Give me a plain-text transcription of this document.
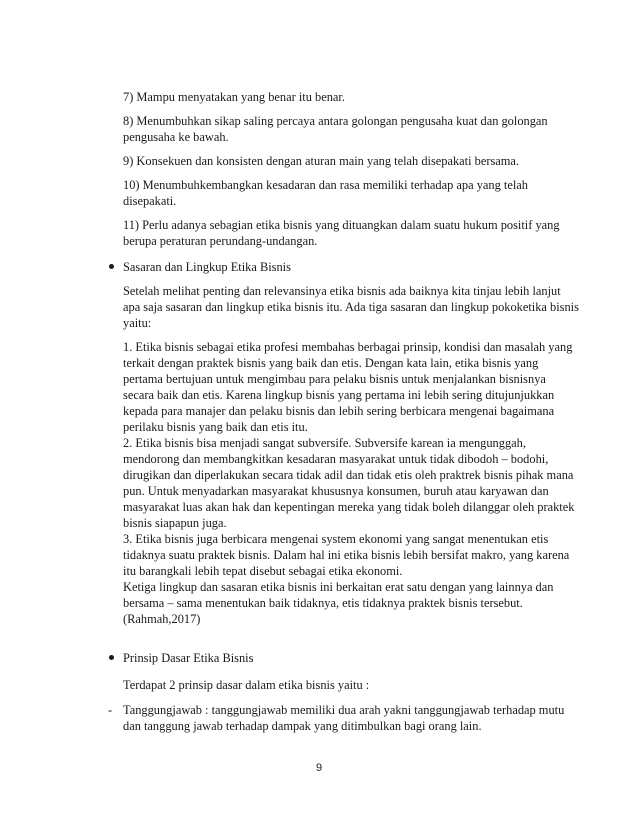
7) Mampu menyatakan yang benar itu benar.

8) Menumbuhkan sikap saling percaya antara golongan pengusaha kuat dan golongan pengusaha ke bawah.

9) Konsekuen dan konsisten dengan aturan main yang telah disepakati bersama.

10) Menumbuhkembangkan kesadaran dan rasa memiliki terhadap apa yang telah disepakati.

11) Perlu adanya sebagian etika bisnis yang dituangkan dalam suatu hukum positif yang berupa peraturan perundang-undangan.

Sasaran dan Lingkup Etika Bisnis

Setelah melihat penting dan relevansinya etika bisnis ada baiknya kita tinjau lebih lanjut apa saja sasaran dan lingkup etika bisnis itu. Ada tiga sasaran dan lingkup pokoketika bisnis yaitu:

1. Etika bisnis sebagai etika profesi membahas berbagai prinsip, kondisi dan masalah yang terkait dengan praktek bisnis yang baik dan etis. Dengan kata lain, etika bisnis yang pertama bertujuan untuk mengimbau para pelaku bisnis untuk menjalankan bisnisnya secara baik dan etis. Karena lingkup bisnis yang pertama ini lebih sering ditujunjukkan kepada para manajer dan pelaku bisnis dan lebih sering berbicara mengenai bagaimana perilaku bisnis yang baik dan etis itu.

2. Etika bisnis bisa menjadi sangat subversife. Subversife karean ia mengunggah, mendorong dan membangkitkan kesadaran masyarakat untuk tidak dibodoh – bodohi, dirugikan dan diperlakukan secara tidak adil dan tidak etis oleh praktrek bisnis pihak mana pun. Untuk menyadarkan masyarakat khususnya konsumen, buruh atau karyawan dan masyarakat luas akan hak dan kepentingan mereka yang tidak boleh dilanggar oleh praktek bisnis siapapun juga.

3. Etika bisnis juga berbicara mengenai system ekonomi yang sangat menentukan etis tidaknya suatu praktek bisnis. Dalam hal ini etika bisnis lebih bersifat makro, yang karena itu barangkali lebih tepat disebut sebagai etika ekonomi.

Ketiga lingkup dan sasaran etika bisnis ini berkaitan erat satu dengan yang lainnya dan bersama – sama menentukan baik tidaknya, etis tidaknya praktek bisnis tersebut. (Rahmah,2017)

Prinsip Dasar Etika Bisnis

Terdapat 2 prinsip dasar dalam etika bisnis yaitu :

- Tanggungjawab : tanggungjawab memiliki dua arah yakni tanggungjawab terhadap mutu dan tanggung jawab terhadap dampak yang ditimbulkan bagi orang lain.

9
